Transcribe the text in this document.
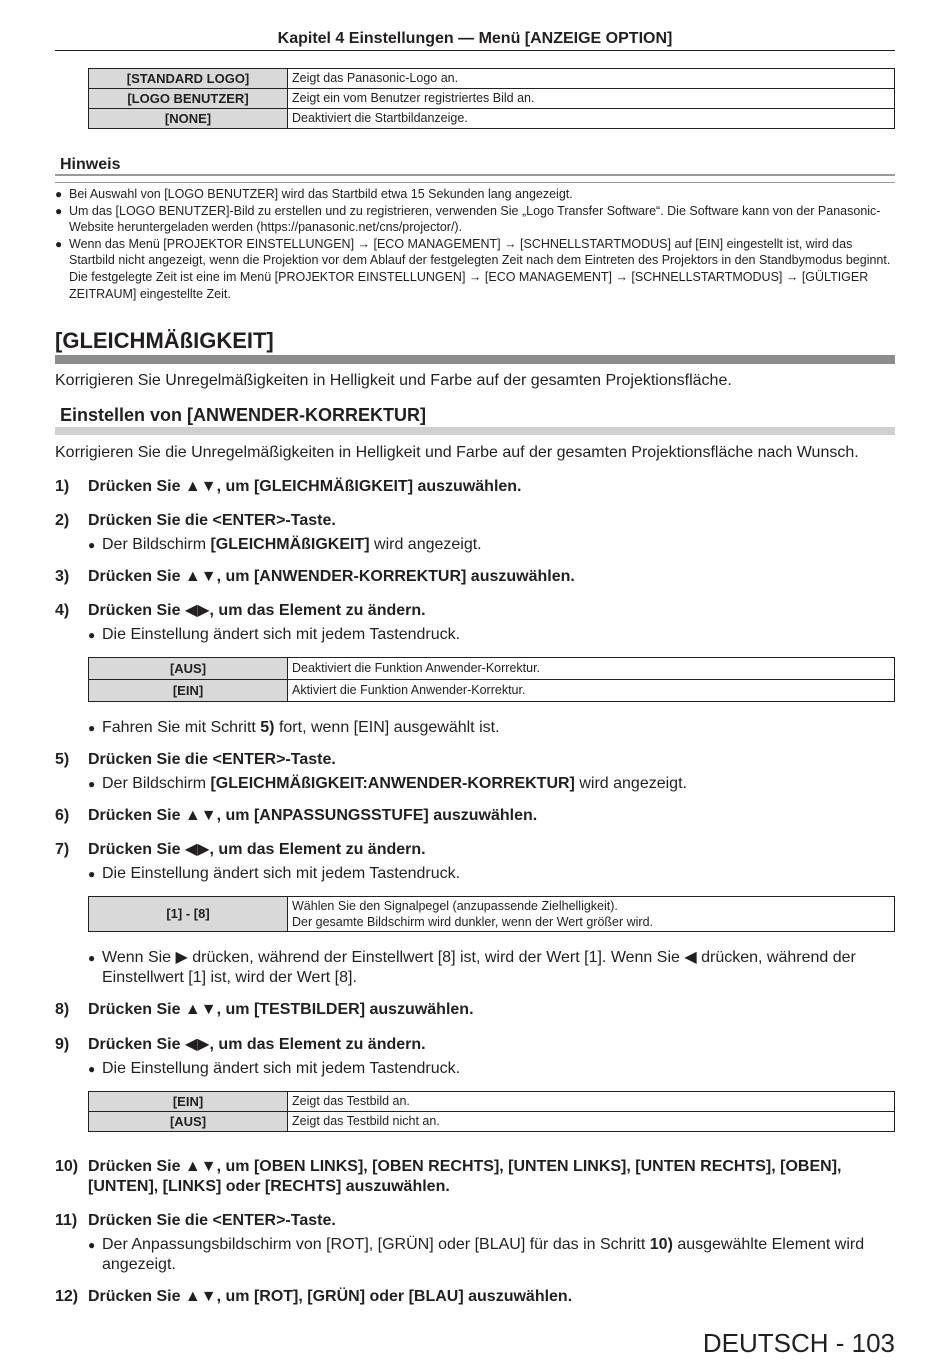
Kapitel 4 Einstellungen — Menü [ANZEIGE OPTION]
[STANDARD LOGO]	Zeigt das Panasonic-Logo an.
[LOGO BENUTZER]	Zeigt ein vom Benutzer registriertes Bild an.
[NONE]	Deaktiviert die Startbildanzeige.
Hinweis
● Bei Auswahl von [LOGO BENUTZER] wird das Startbild etwa 15 Sekunden lang angezeigt.
● Um das [LOGO BENUTZER]-Bild zu erstellen und zu registrieren, verwenden Sie „Logo Transfer Software“. Die Software kann von der Panasonic-Website heruntergeladen werden (https://panasonic.net/cns/projector/).
● Wenn das Menü [PROJEKTOR EINSTELLUNGEN] → [ECO MANAGEMENT] → [SCHNELLSTARTMODUS] auf [EIN] eingestellt ist, wird das Startbild nicht angezeigt, wenn die Projektion vor dem Ablauf der festgelegten Zeit nach dem Eintreten des Projektors in den Standbymodus beginnt.
Die festgelegte Zeit ist eine im Menü [PROJEKTOR EINSTELLUNGEN] → [ECO MANAGEMENT] → [SCHNELLSTARTMODUS] → [GÜLTIGER ZEITRAUM] eingestellte Zeit.
[GLEICHMÄßIGKEIT]
Korrigieren Sie Unregelmäßigkeiten in Helligkeit und Farbe auf der gesamten Projektionsfläche.
Einstellen von [ANWENDER-KORREKTUR]
Korrigieren Sie die Unregelmäßigkeiten in Helligkeit und Farbe auf der gesamten Projektionsfläche nach Wunsch.
1) Drücken Sie ▲▼, um [GLEICHMÄßIGKEIT] auszuwählen.
2) Drücken Sie die <ENTER>-Taste.
● Der Bildschirm [GLEICHMÄßIGKEIT] wird angezeigt.
3) Drücken Sie ▲▼, um [ANWENDER-KORREKTUR] auszuwählen.
4) Drücken Sie ◀▶, um das Element zu ändern.
● Die Einstellung ändert sich mit jedem Tastendruck.
[AUS]	Deaktiviert die Funktion Anwender-Korrektur.
[EIN]	Aktiviert die Funktion Anwender-Korrektur.
● Fahren Sie mit Schritt 5) fort, wenn [EIN] ausgewählt ist.
5) Drücken Sie die <ENTER>-Taste.
● Der Bildschirm [GLEICHMÄßIGKEIT:ANWENDER-KORREKTUR] wird angezeigt.
6) Drücken Sie ▲▼, um [ANPASSUNGSSTUFE] auszuwählen.
7) Drücken Sie ◀▶, um das Element zu ändern.
● Die Einstellung ändert sich mit jedem Tastendruck.
[1] - [8]	Wählen Sie den Signalpegel (anzupassende Zielhelligkeit).
Der gesamte Bildschirm wird dunkler, wenn der Wert größer wird.
● Wenn Sie ▶ drücken, während der Einstellwert [8] ist, wird der Wert [1]. Wenn Sie ◀ drücken, während der Einstellwert [1] ist, wird der Wert [8].
8) Drücken Sie ▲▼, um [TESTBILDER] auszuwählen.
9) Drücken Sie ◀▶, um das Element zu ändern.
● Die Einstellung ändert sich mit jedem Tastendruck.
[EIN]	Zeigt das Testbild an.
[AUS]	Zeigt das Testbild nicht an.
10) Drücken Sie ▲▼, um [OBEN LINKS], [OBEN RECHTS], [UNTEN LINKS], [UNTEN RECHTS], [OBEN], [UNTEN], [LINKS] oder [RECHTS] auszuwählen.
11) Drücken Sie die <ENTER>-Taste.
● Der Anpassungsbildschirm von [ROT], [GRÜN] oder [BLAU] für das in Schritt 10) ausgewählte Element wird angezeigt.
12) Drücken Sie ▲▼, um [ROT], [GRÜN] oder [BLAU] auszuwählen.
DEUTSCH - 103
